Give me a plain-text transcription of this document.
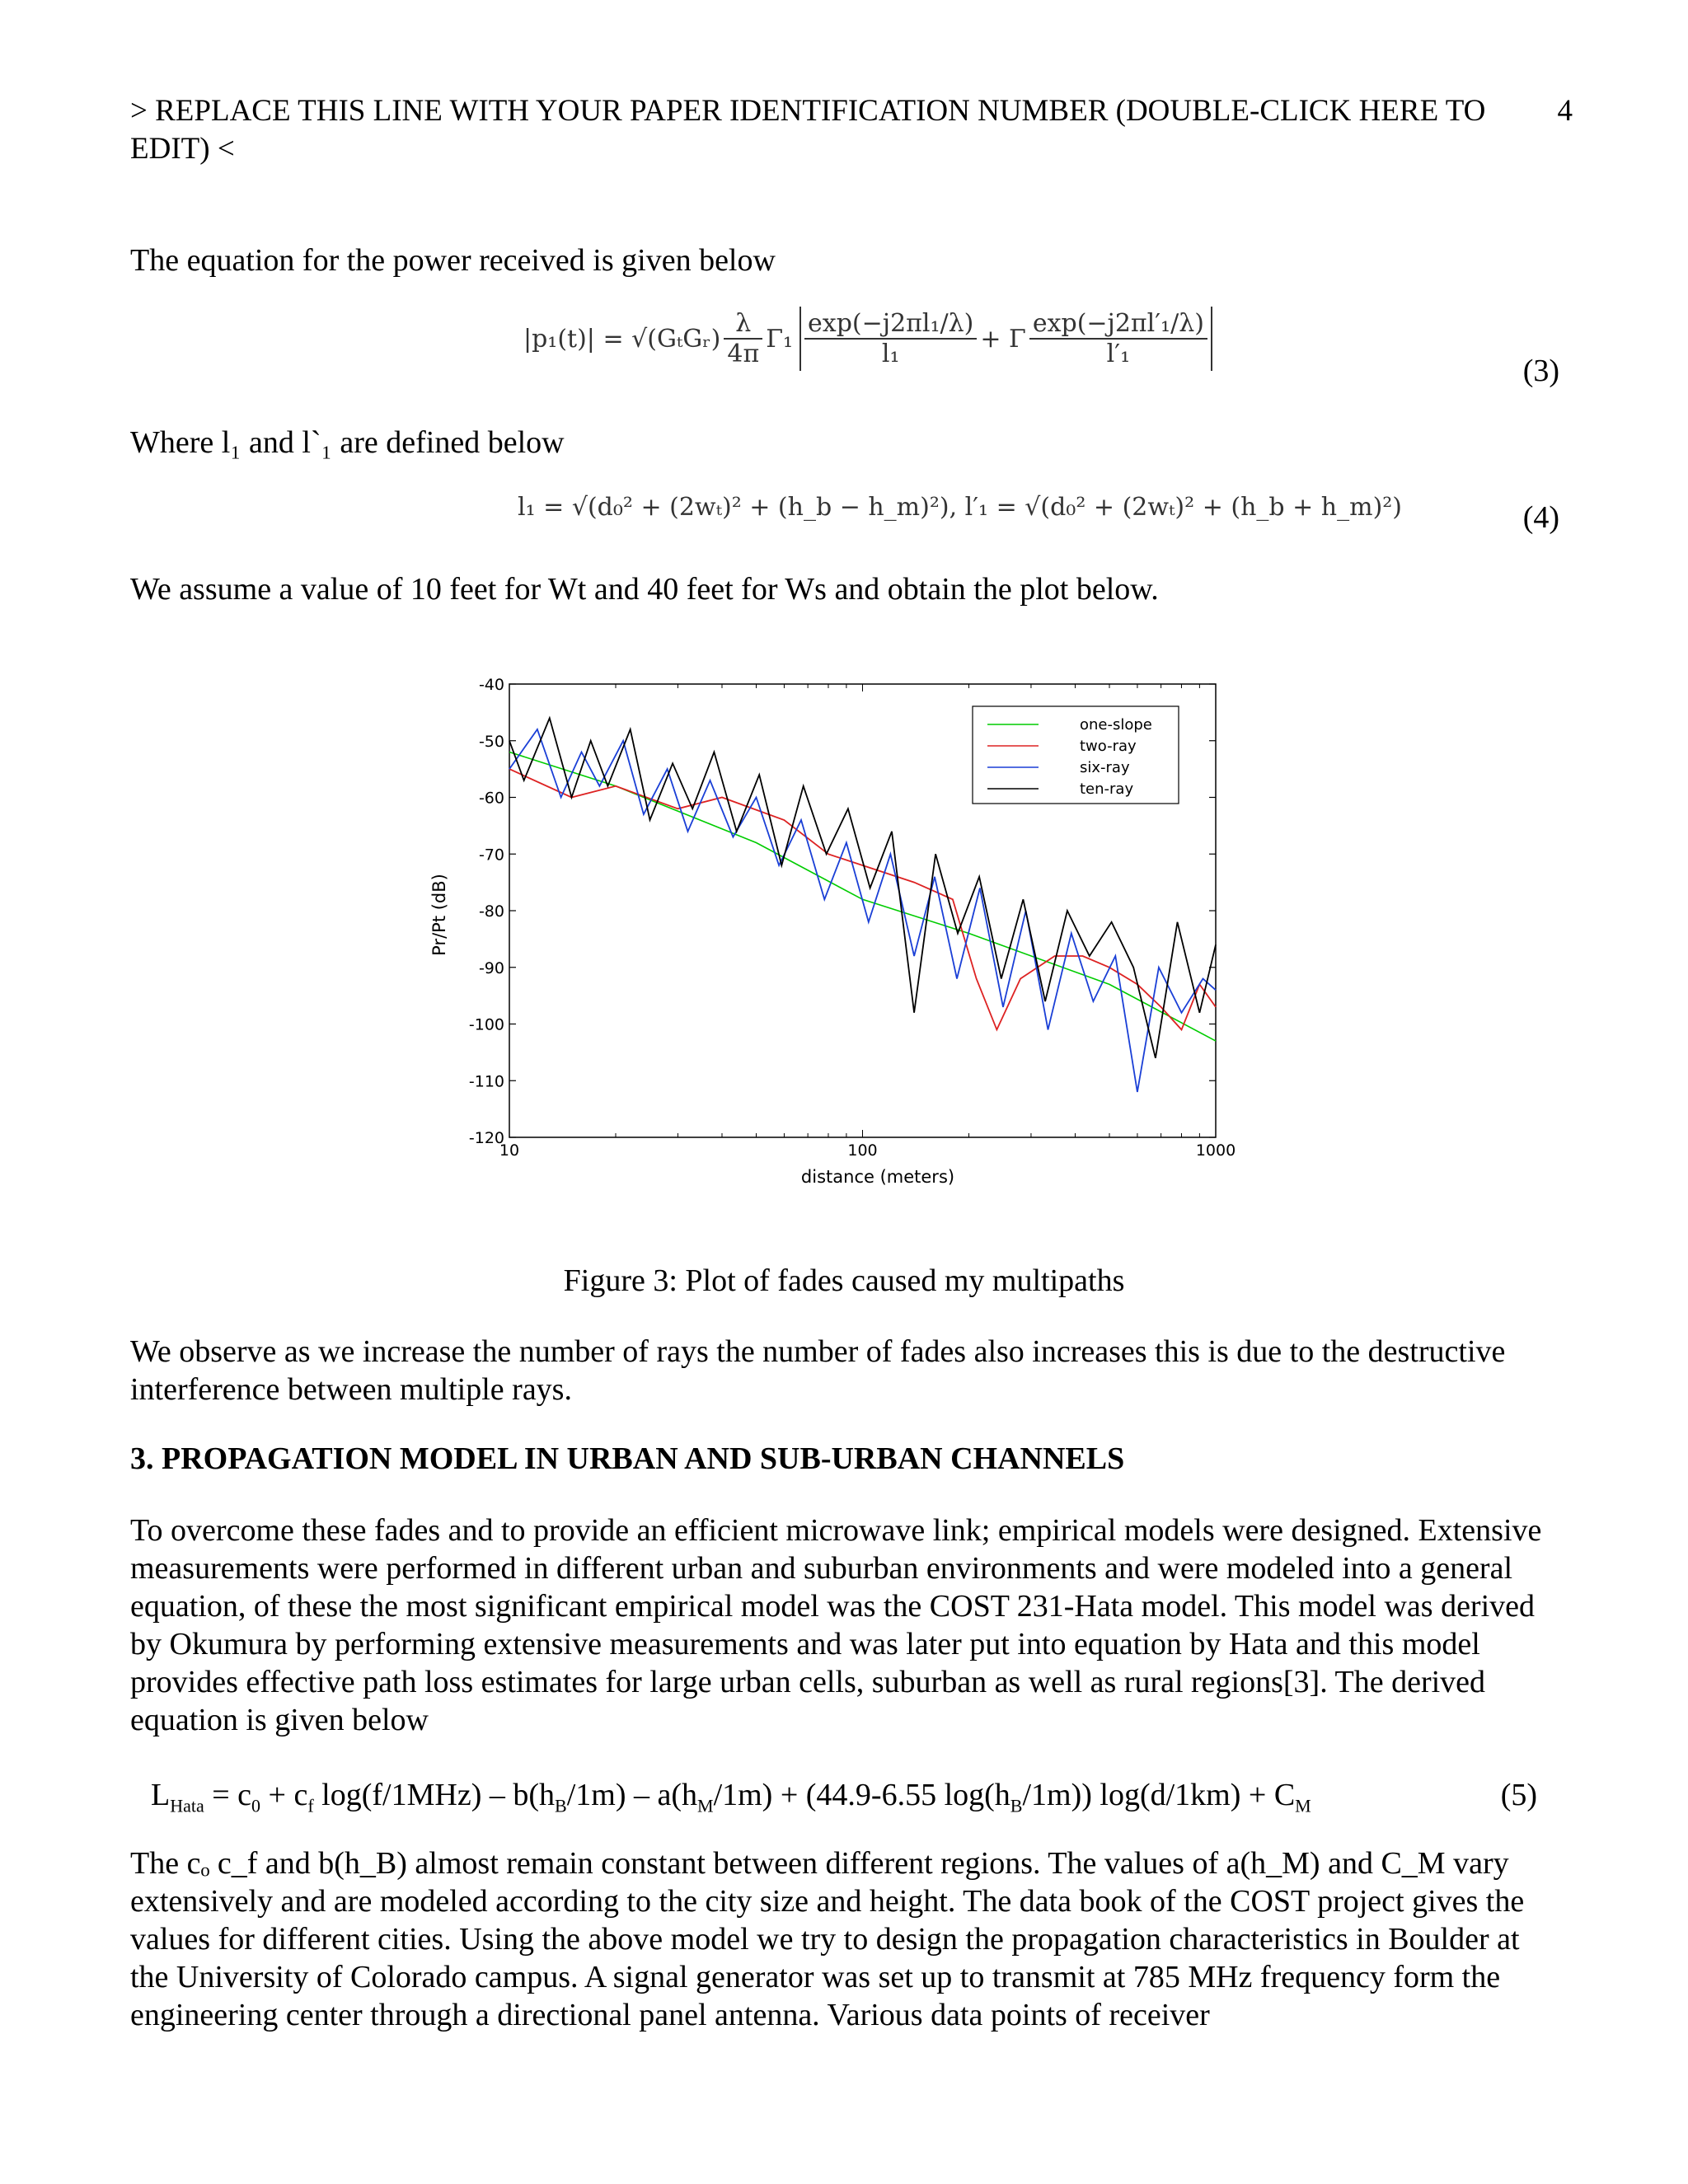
> REPLACE THIS LINE WITH YOUR PAPER IDENTIFICATION NUMBER (DOUBLE-CLICK HERE TO EDIT) <
4
The equation for the power received is given below
|p₁(t)| = √(GₜGᵣ) $\frac{\lambda}{4\pi} \Gamma_1 \frac{\text{exp(−j2πl₁/λ)}}{\text{l₁}} + \Gamma \frac{\text{exp(−j2πl′₁/λ)}}{\text{l′₁}}$
(3)
Where l₁ and l`₁ are defined below
l₁ = √(d₀² + (2wₜ)² + (h_b − h_m)²), l′₁ = √(d₀² + (2wₜ)² + (h_b + h_m)²)	(4)
We assume a value of 10 feet for Wt and 40 feet for Ws and obtain the plot below.
-40
-50
-60
-70
-80
-90
-100
-110
-120
10	100	1000
one-slope
two-ray
six-ray
ten-ray
distance (meters)
Pr/Pt (dB)
Figure 3: Plot of fades caused my multipaths
We observe as we increase the number of rays the number of fades also increases this is due to the destructive interference between multiple rays.
3. PROPAGATION MODEL IN URBAN AND SUB-URBAN CHANNELS
To overcome these fades and to provide an efficient microwave link; empirical models were designed. Extensive measurements were performed in different urban and suburban environments and were modeled into a general equation, of these the most significant empirical model was the COST 231-Hata model. This model was derived by Okumura by performing extensive measurements and was later put into equation by Hata and this model provides effective path loss estimates for large urban cells, suburban as well as rural regions[3]. The derived equation is given below
$L_{Hata} = c_0 + c_f$ $\log(f/1MHz) - b(h_B/1m) - a(h_M/1m) + (44.9-6.55$ $\log(h_B/1m)$) $\log(d/1km) + C_M$	(5)
The cₒ c_f and b(h_B) almost remain constant between different regions. The values of a(h_M) and C_M vary extensively and are modeled according to the city size and height. The data book of the COST project gives the values for different cities. Using the above model we try to design the propagation characteristics in Boulder at the University of Colorado campus. A signal generator was set up to transmit at 785 MHz frequency form the engineering center through a directional panel antenna. Various data points of receiver
